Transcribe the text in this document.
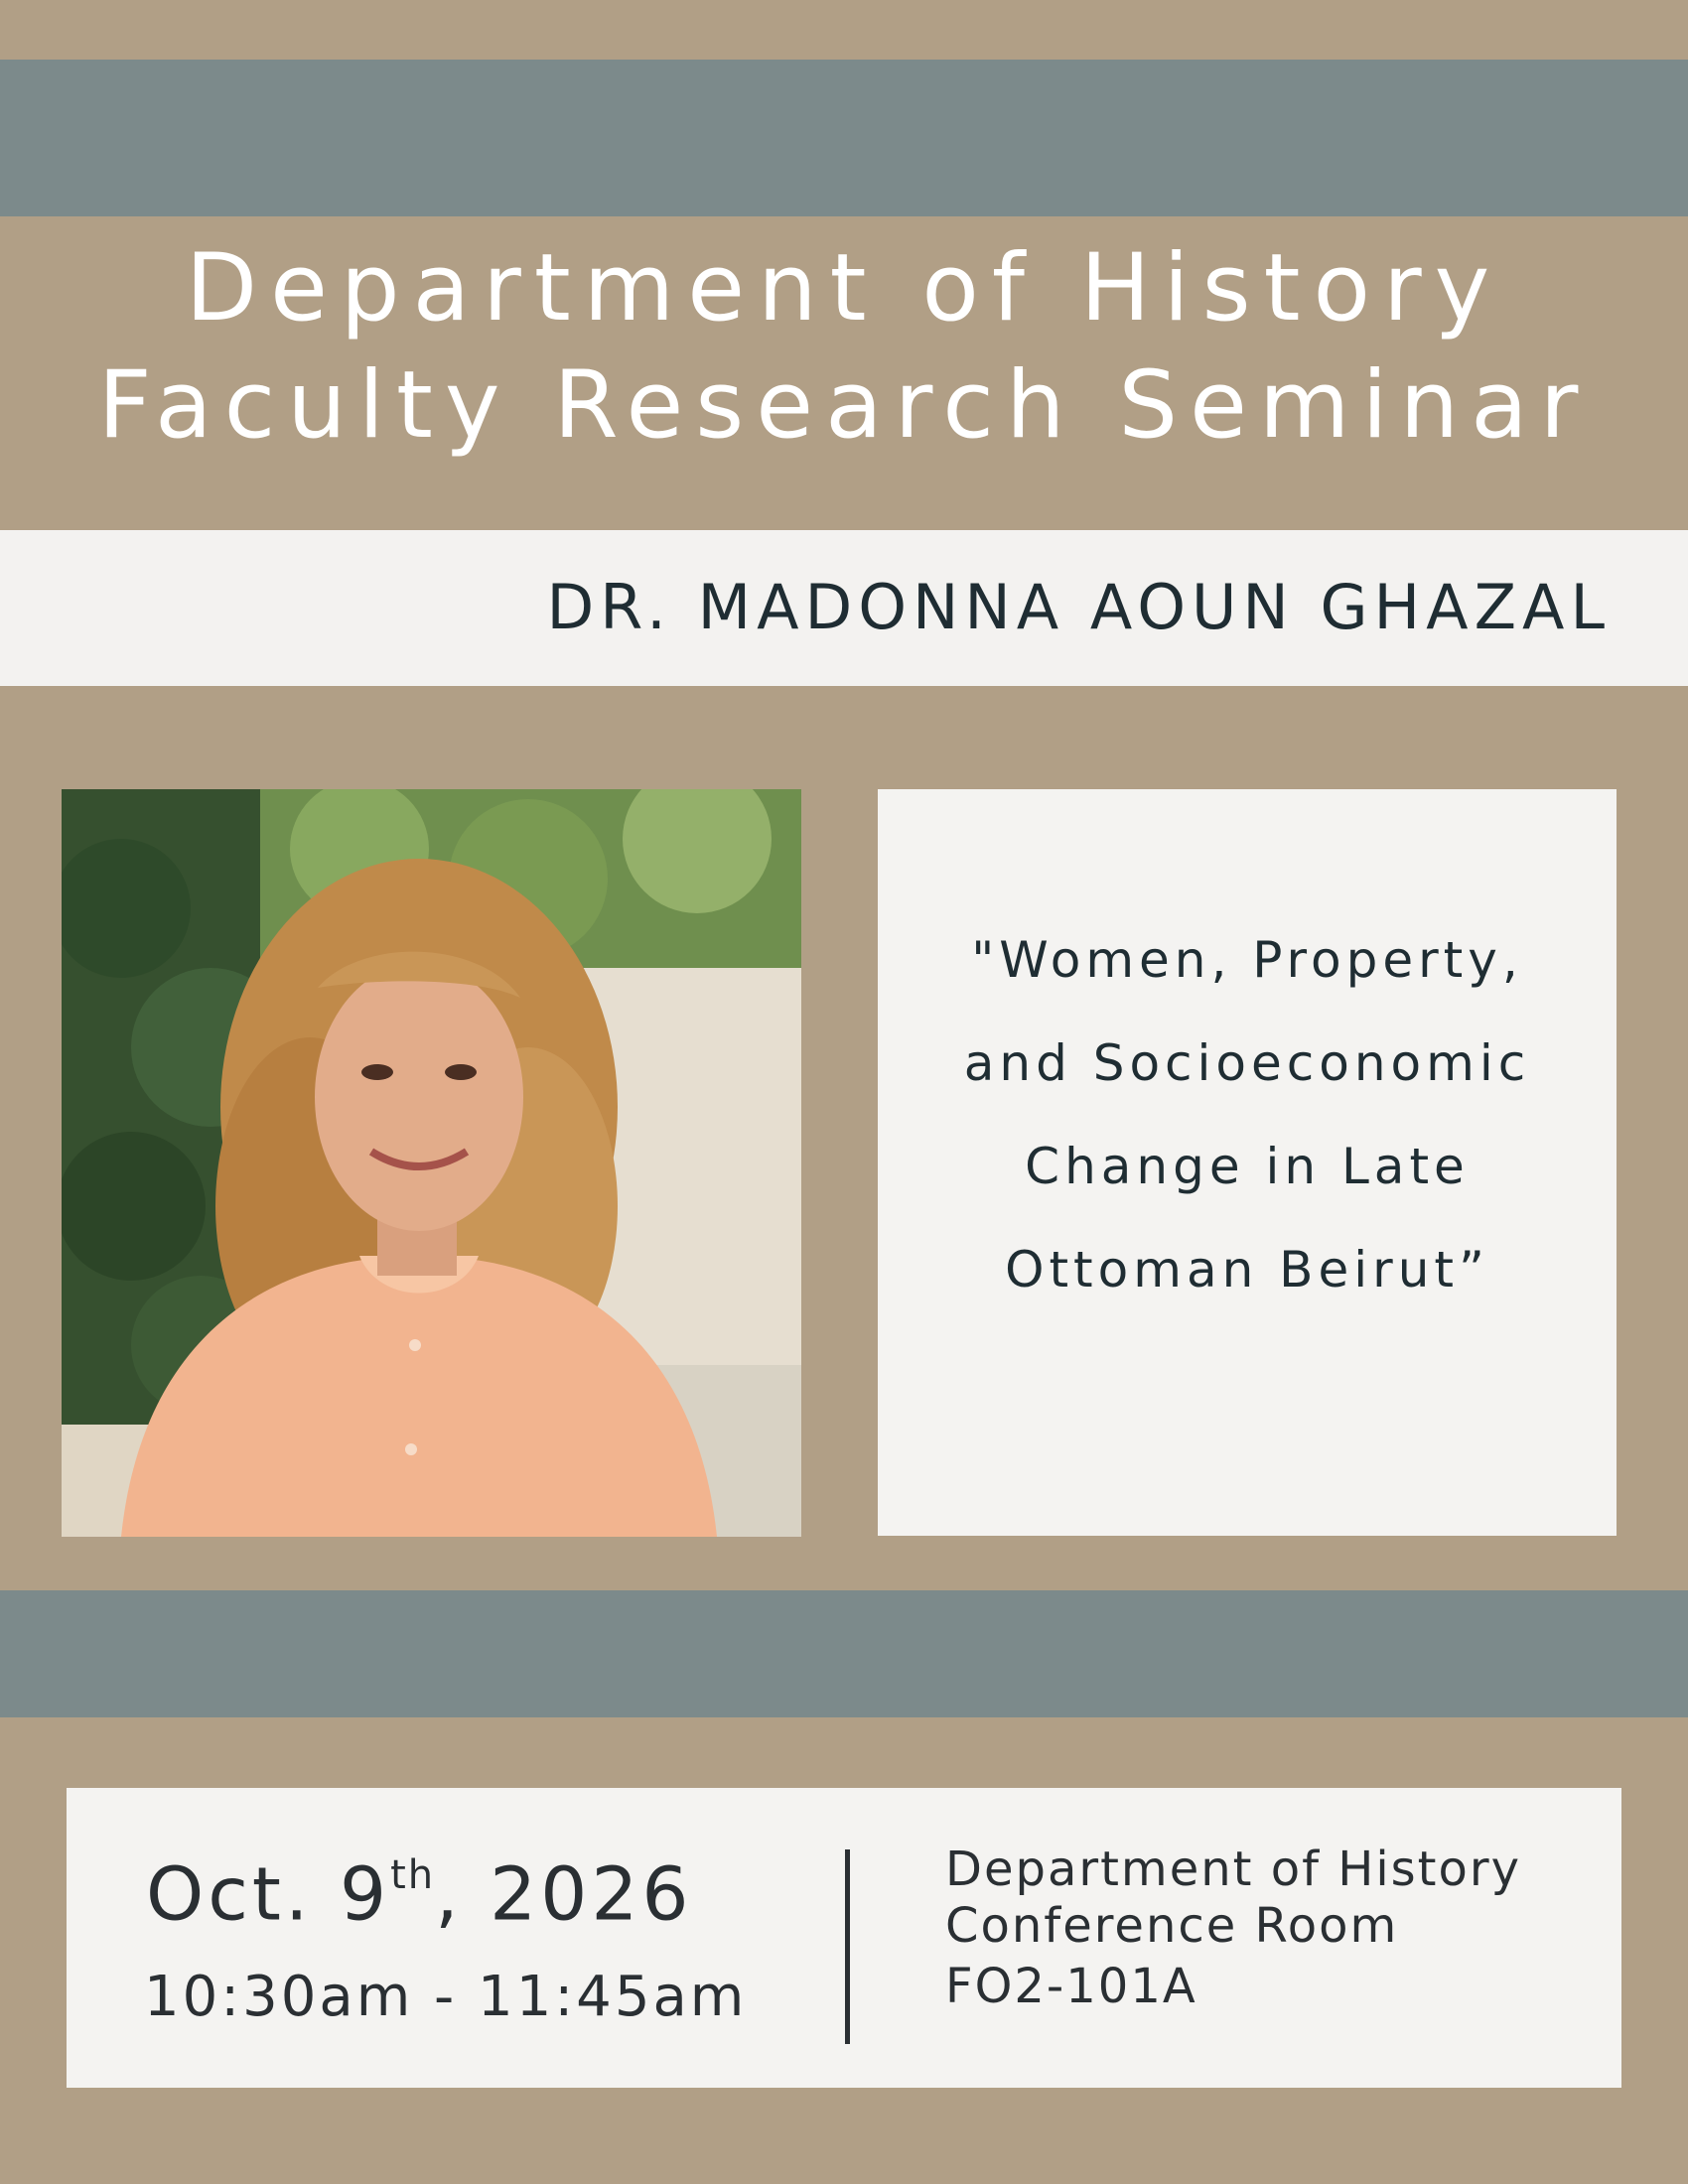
Department of History
Faculty Research Seminar
DR. MADONNA AOUN GHAZAL
"Women, Property,
and Socioeconomic
Change in Late
Ottoman Beirut”
Oct. 9th, 2026
10:30am - 11:45am
Department of History
Conference Room
FO2-101A
